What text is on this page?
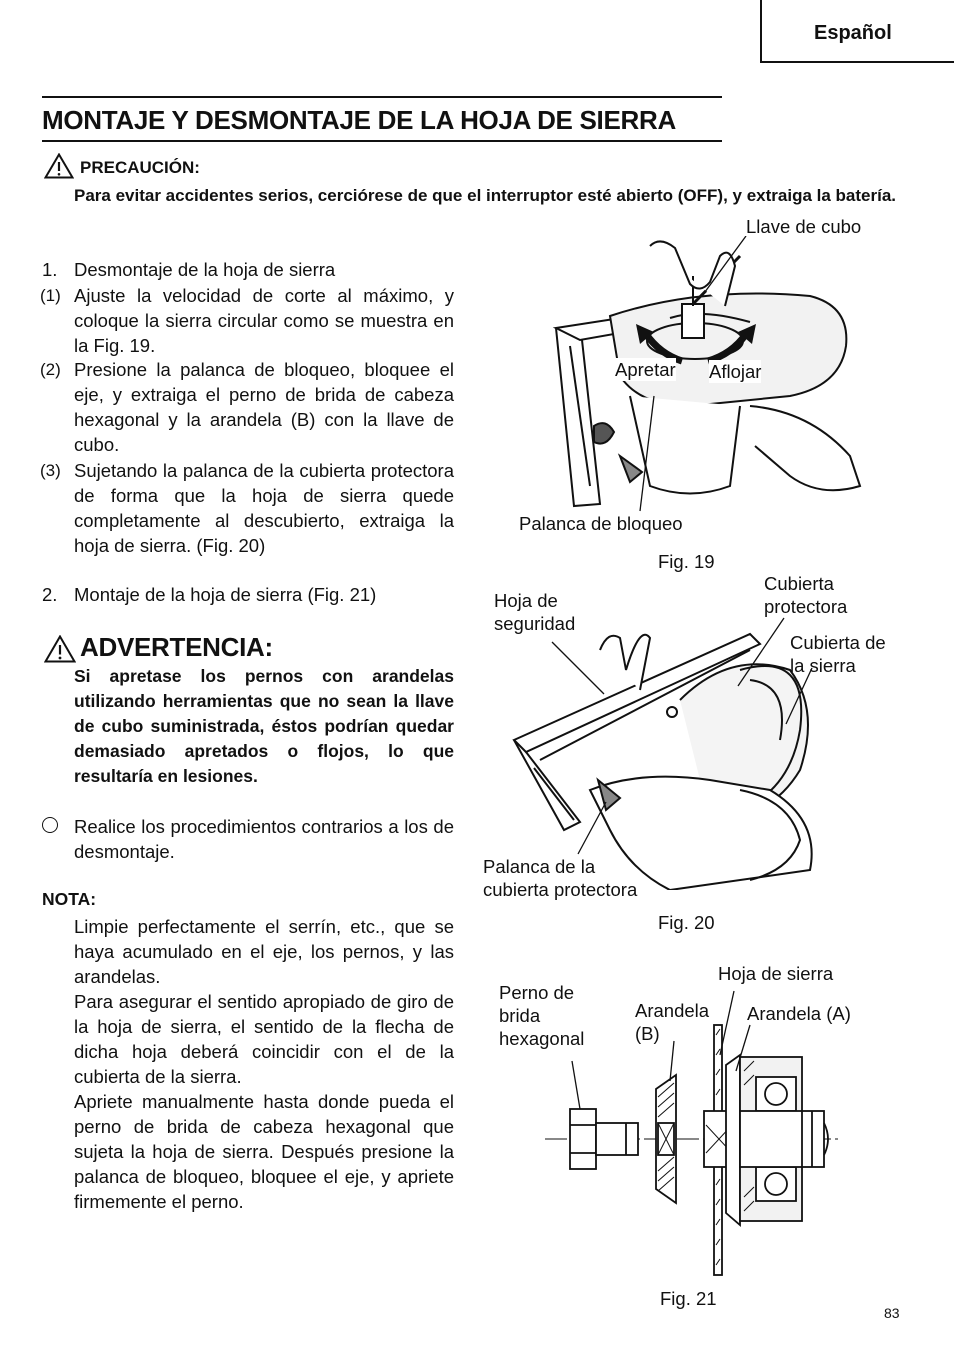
Español
MONTAJE Y DESMONTAJE DE LA HOJA DE SIERRA
PRECAUCIÓN:
Para evitar accidentes serios, cerciórese de que el interruptor esté abierto (OFF), y extraiga la batería.
1. Desmontaje de la hoja de sierra
(1) Ajuste la velocidad de corte al máximo, y coloque la sierra circular como se muestra en la Fig. 19.
(2) Presione la palanca de bloqueo, bloquee el eje, y extraiga el perno de brida de cabeza hexagonal y la arandela (B) con la llave de cubo.
(3) Sujetando la palanca de la cubierta protectora de forma que la hoja de sierra quede completamente al descubierto, extraiga la hoja de sierra. (Fig. 20)
2. Montaje de la hoja de sierra (Fig. 21)
ADVERTENCIA:
Si apretase los pernos con arandelas utilizando herramientas que no sean la llave de cubo suministrada, éstos podrían quedar demasiado apretados o flojos, lo que resultaría en lesiones.
Realice los procedimientos contrarios a los de desmontaje.
NOTA:
Limpie perfectamente el serrín, etc., que se haya acumulado en el eje, los pernos, y las arandelas.
Para asegurar el sentido apropiado de giro de la hoja de sierra, el sentido de la flecha de dicha hoja deberá coincidir con el de la cubierta de la sierra.
Apriete manualmente hasta donde pueda el perno de brida de cabeza hexagonal que sujeta la hoja de sierra. Después presione la palanca de bloqueo, bloquee el eje, y apriete firmemente el perno.
Llave de cubo
Apretar Aflojar
Palanca de bloqueo
Fig. 19
Hoja de
seguridad
Cubierta
protectora
Cubierta de
la sierra
Palanca de la
cubierta protectora
Fig. 20
Hoja de sierra
Perno de
brida
hexagonal
Arandela
(B)
Arandela (A)
Fig. 21
83
